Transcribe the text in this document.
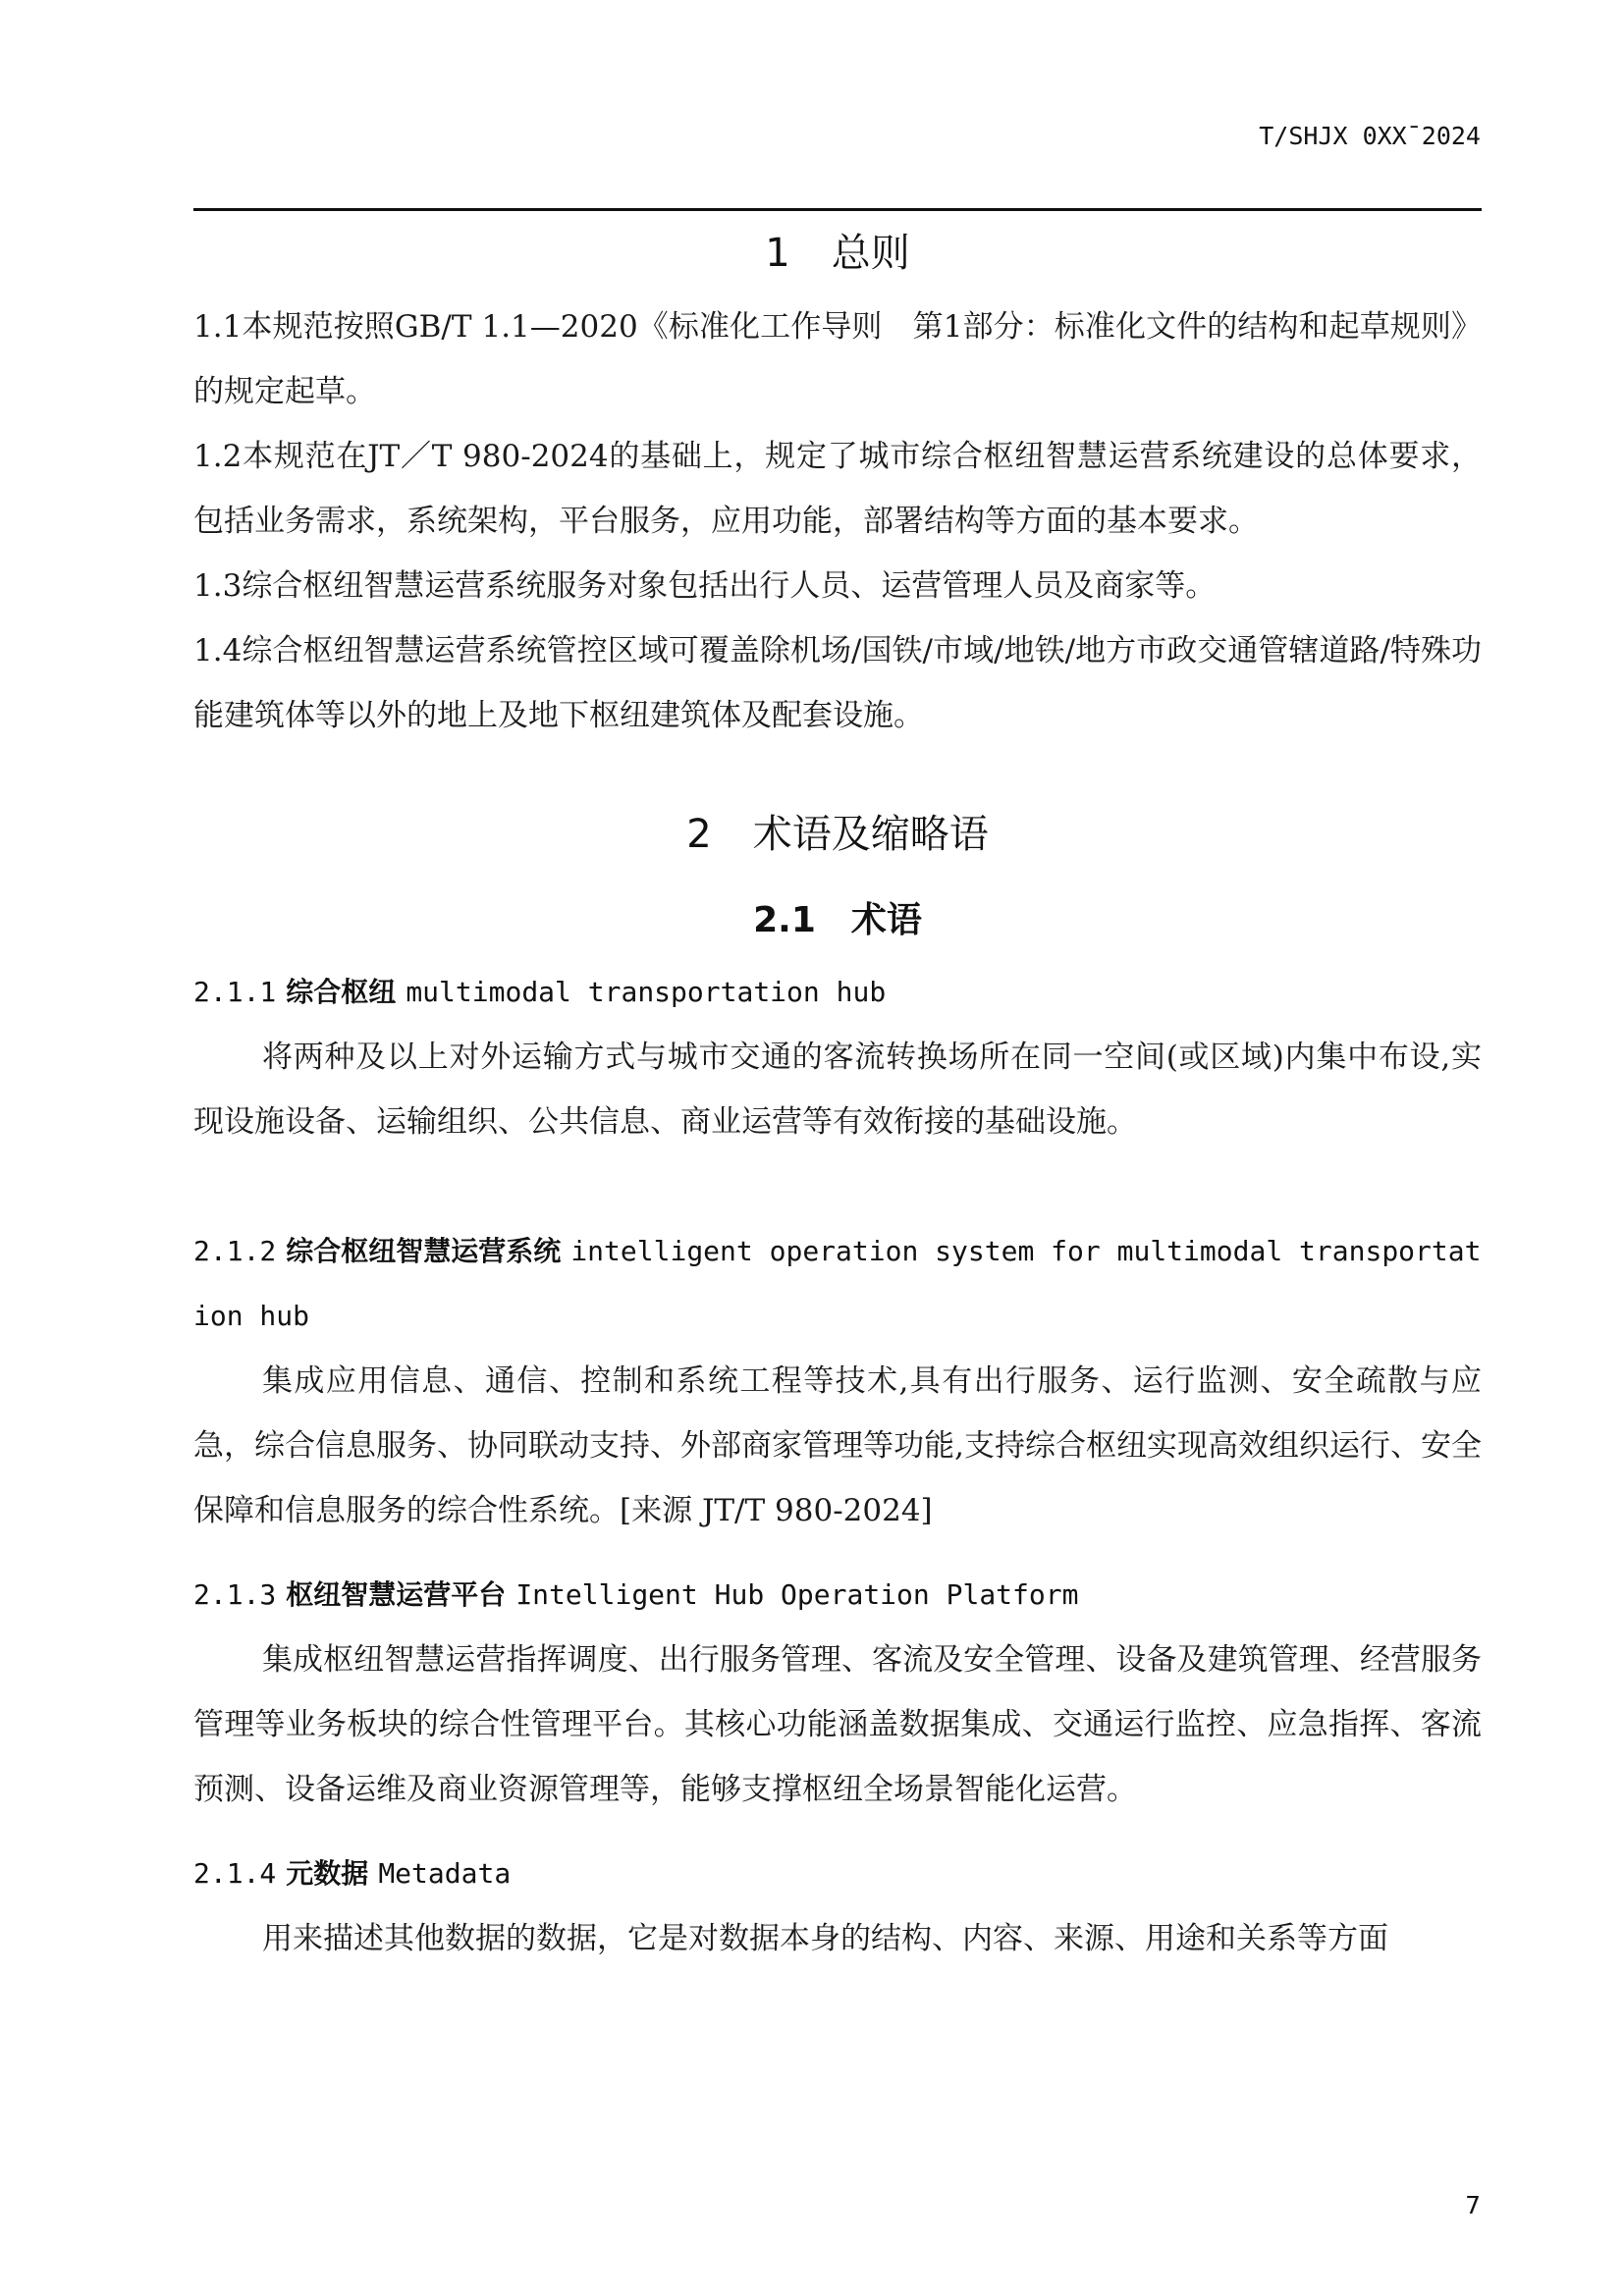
T/SHJX 0XX¯2024
1 总则

1.1本规范按照GB/T 1.1—2020《标准化工作导则　第1部分：标准化文件的结构和起草规则》的规定起草。

1.2本规范在JT／T 980-2024的基础上，规定了城市综合枢纽智慧运营系统建设的总体要求，包括业务需求，系统架构，平台服务，应用功能，部署结构等方面的基本要求。

1.3综合枢纽智慧运营系统服务对象包括出行人员、运营管理人员及商家等。

1.4综合枢纽智慧运营系统管控区域可覆盖除机场/国铁/市域/地铁/地方市政交通管辖道路/特殊功能建筑体等以外的地上及地下枢纽建筑体及配套设施。

2 术语及缩略语
2.1 术语

2.1.1 综合枢纽 multimodal transportation hub

将两种及以上对外运输方式与城市交通的客流转换场所在同一空间(或区域)内集中布设,实现设施设备、运输组织、公共信息、商业运营等有效衔接的基础设施。

2.1.2 综合枢纽智慧运营系统 intelligent operation system for multimodal transportation hub

集成应用信息、通信、控制和系统工程等技术,具有出行服务、运行监测、安全疏散与应急，综合信息服务、协同联动支持、外部商家管理等功能,支持综合枢纽实现高效组织运行、安全保障和信息服务的综合性系统。[来源 JT/T 980-2024]

2.1.3 枢纽智慧运营平台 Intelligent Hub Operation Platform

集成枢纽智慧运营指挥调度、出行服务管理、客流及安全管理、设备及建筑管理、经营服务管理等业务板块的综合性管理平台。其核心功能涵盖数据集成、交通运行监控、应急指挥、客流预测、设备运维及商业资源管理等，能够支撑枢纽全场景智能化运营。

2.1.4 元数据 Metadata

用来描述其他数据的数据，它是对数据本身的结构、内容、来源、用途和关系等方面

7
